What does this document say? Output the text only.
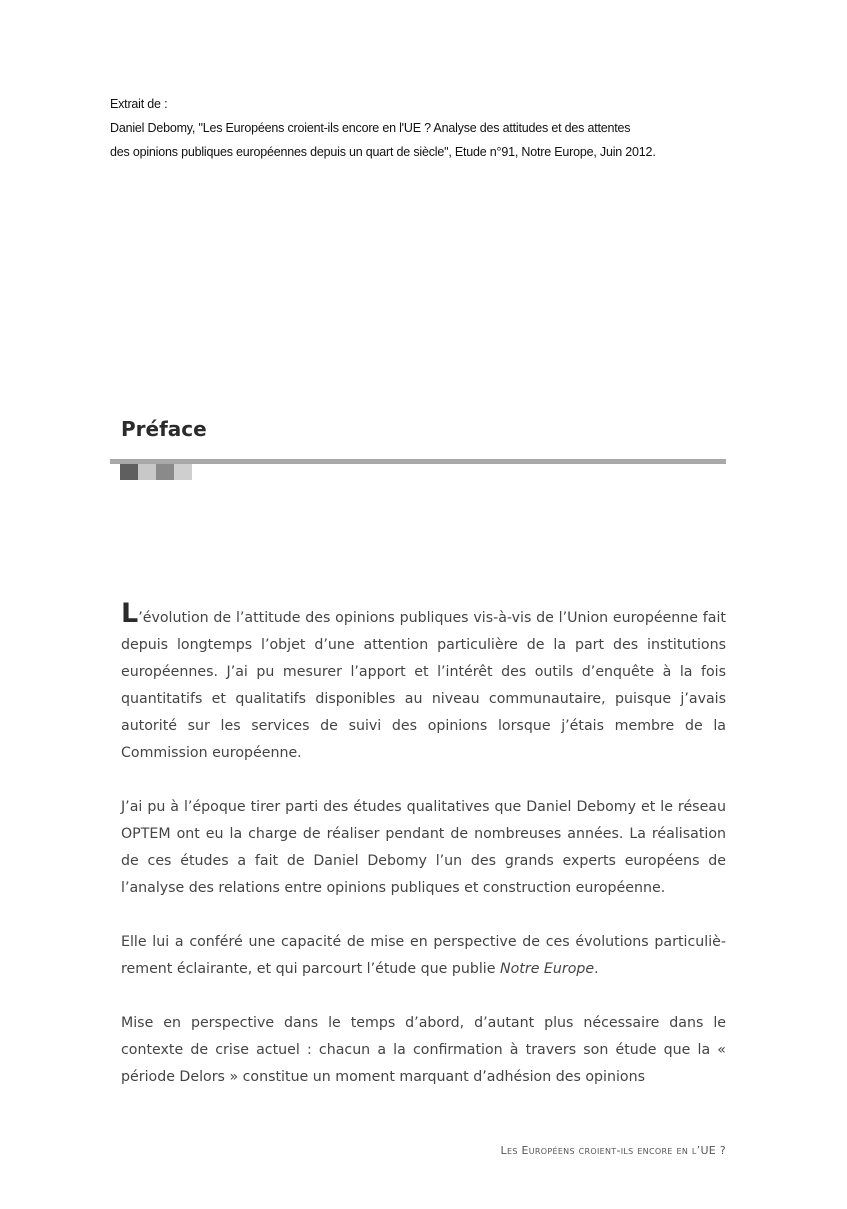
Extrait de :
Daniel Debomy, "Les Européens croient-ils encore en l'UE ? Analyse des attitudes et des attentes
des opinions publiques européennes depuis un quart de siècle", Etude n°91, Notre Europe, Juin 2012.
Préface

L’évolution de l’attitude des opinions publiques vis-à-vis de l’Union européenne fait depuis longtemps l’objet d’une attention particulière de la part des institutions européennes. J’ai pu mesurer l’apport et l’intérêt des outils d’enquête à la fois quantitatifs et qualitatifs disponibles au niveau communautaire, puisque j’avais autorité sur les services de suivi des opinions lorsque j’étais membre de la Commission européenne.

J’ai pu à l’époque tirer parti des études qualitatives que Daniel Debomy et le réseau OPTEM ont eu la charge de réaliser pendant de nombreuses années. La réalisation de ces études a fait de Daniel Debomy l’un des grands experts européens de l’analyse des relations entre opinions publiques et construction européenne.

Elle lui a conféré une capacité de mise en perspective de ces évolutions particulièrement éclairante, et qui parcourt l’étude que publie Notre Europe.

Mise en perspective dans le temps d’abord, d’autant plus nécessaire dans le contexte de crise actuel : chacun a la confirmation à travers son étude que la « période Delors » constitue un moment marquant d’adhésion des opinions

Les Européens croient-ils encore en l’UE ?
